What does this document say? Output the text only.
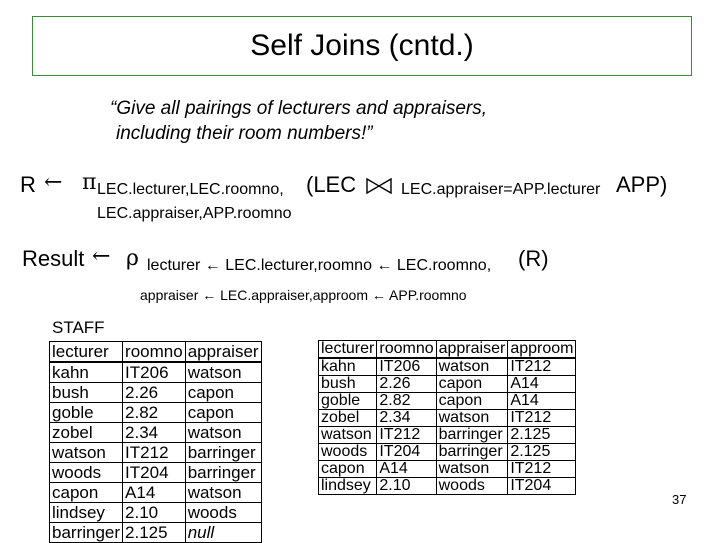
Self Joins (cntd.)
“Give all pairings of lecturers and appraisers,
including their room numbers!”
R ← π LEC.lecturer,LEC.roomno,
LEC.appraiser,APP.roomno
(LEC	LEC.appraiser=APP.lecturer APP)
Result ← ρ lecturer ← LEC.lecturer,roomno ← LEC.roomno, (R)
appraiser ← LEC.appraiser,approom ← APP.roomno
STAFF
lecturer	roomno	appraiser
kahn	IT206	watson
bush	2.26	capon
goble	2.82	capon
zobel	2.34	watson
watson	IT212	barringer
woods	IT204	barringer
capon	A14	watson
lindsey	2.10	woods
barringer	2.125	null
lecturer	roomno	appraiser	approom
kahn	IT206	watson	IT212
bush	2.26	capon	A14
goble	2.82	capon	A14
zobel	2.34	watson	IT212
watson	IT212	barringer	2.125
woods	IT204	barringer	2.125
capon	A14	watson	IT212
lindsey	2.10	woods	IT204
37
